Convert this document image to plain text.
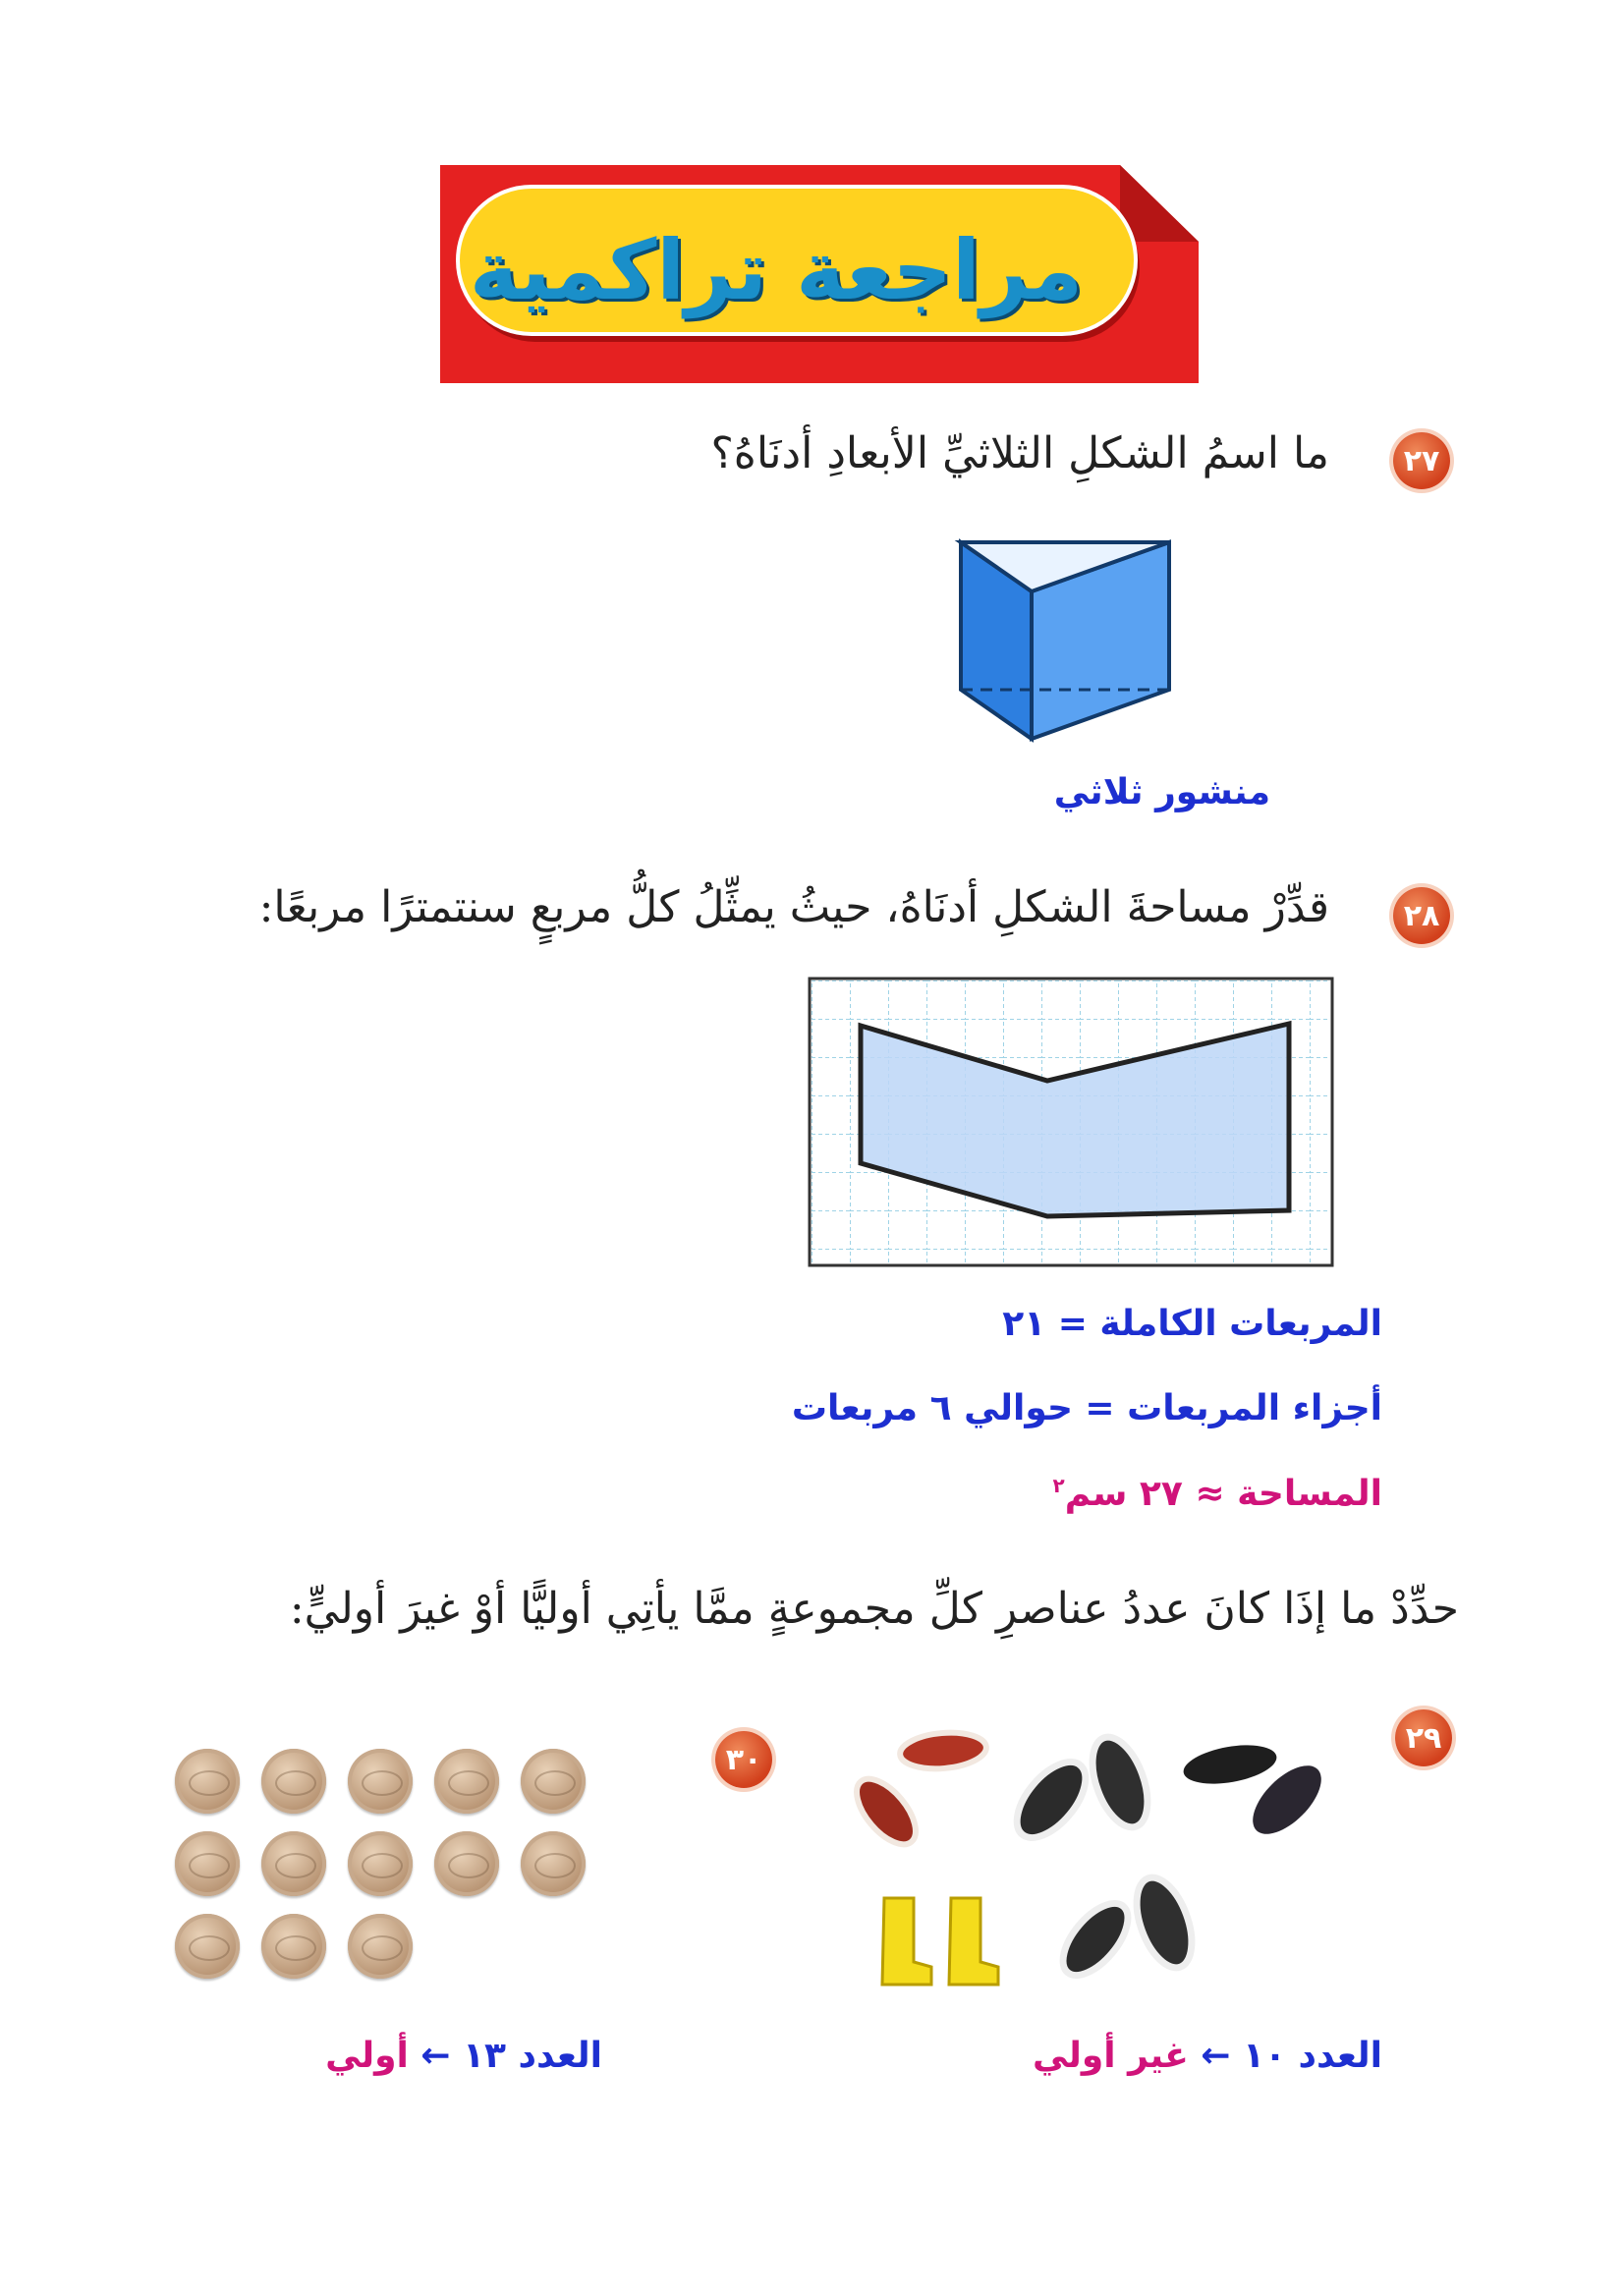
مراجعة تراكمية
٢٧
ما اسمُ الشكلِ الثلاثيِّ الأبعادِ أدنَاهُ؟
منشور ثلاثي
٢٨
قدِّرْ مساحةَ الشكلِ أدنَاهُ، حيثُ يمثِّلُ كلُّ مربعٍ سنتمترًا مربعًا:
المربعات الكاملة = ٢١
أجزاء المربعات = حوالي ٦ مربعات
المساحة ≈ ٢٧ سم$^٢$
حدِّدْ ما إذَا كانَ عددُ عناصرِ كلِّ مجموعةٍ ممَّا يأتِي أوليًّا أوْ غيرَ أوليٍّ:
٢٩
العدد ١٠ ← غير أولي
٣٠
العدد ١٣ ← أولي
